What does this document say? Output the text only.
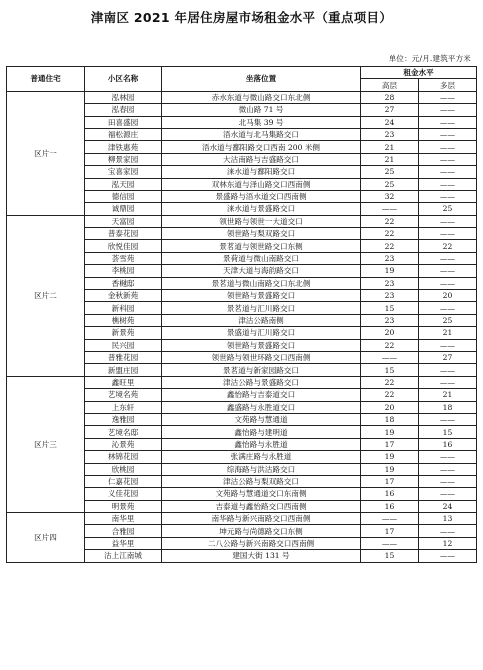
津南区 2021 年居住房屋市场租金水平（重点项目）
单位：元/月.建筑平方米
普通住宅	小区名称	坐落位置	租金水平	
			高层	多层
区片一	泓林园	赤水东道与微山路交口东北侧	28	——
	泓春园	微山路 71 号	27	——
	田喜盛园	北马集 39 号	24	——
	福松源庄	浯水道与北马集路交口	23	——
	津铁惠苑	浯水道与鄱阳路交口西南 200 米侧	21	——
	柳景家园	大沽南路与吉盛路交口	21	——
	宝喜家园	涞水道与鄱阳路交口	25	——
	泓天园	双林东道与泽山路交口西南侧	25	——
	德信园	景盛路与浯水道交口西南侧	32	——
	诚鼎园	涞水道与景盛路交口	——	25
区片二	天富园	领世路与领世一大道交口	22	——
	普泰花园	领世路与梨双路交口	22	——
	欣悦佳园	景茗道与领世路交口东侧	22	22
	荟雪苑	景荷道与微山南路交口	23	——
	李桃园	天津大道与海韵路交口	19	——
	香樾邸	景茗道与微山南路交口东北侧	23	——
	金秋新苑	领世路与景盛路交口	23	20
	新科园	景茗道与汇川路交口	15	——
	樵树苑	津沽公路南侧	23	25
	新景苑	景盛道与汇川路交口	20	21
	民兴园	领世路与景盛路交口	22	——
	普雅花园	领世路与领世环路交口西南侧	——	27
	新盟庄园	景茗道与新家园路交口	15	——
区片三	鑫旺里	津沽公路与景盛路交口	22	——
	艺境名苑	鑫怡路与吉泰道交口	22	21
	上东轩	鑫盛路与永胜道交口	20	18
	逸雅园	文苑路与慧通道	18	——
	艺境名邸	鑫怡路与建明道	19	15
	沁景苑	鑫怡路与永胜道	17	16
	林锦花园	张满庄路与永胜道	19	——
	欣桃园	综海路与洪沽路交口	19	——
	仁嘉花园	津沽公路与梨双路交口	17	——
	义佳花园	文苑路与慧通道交口东南侧	16	——
	明景苑	吉泰道与鑫怡路交口西南侧	16	24
区片四	南华里	南华路与新兴南路交口西南侧	——	13
	合雅园	坤元路与尚德路交口东侧	17	——
	益华里	二八公路与新兴南路交口西南侧	——	12
	沽上江南城	建国大街 131 号	15	——
